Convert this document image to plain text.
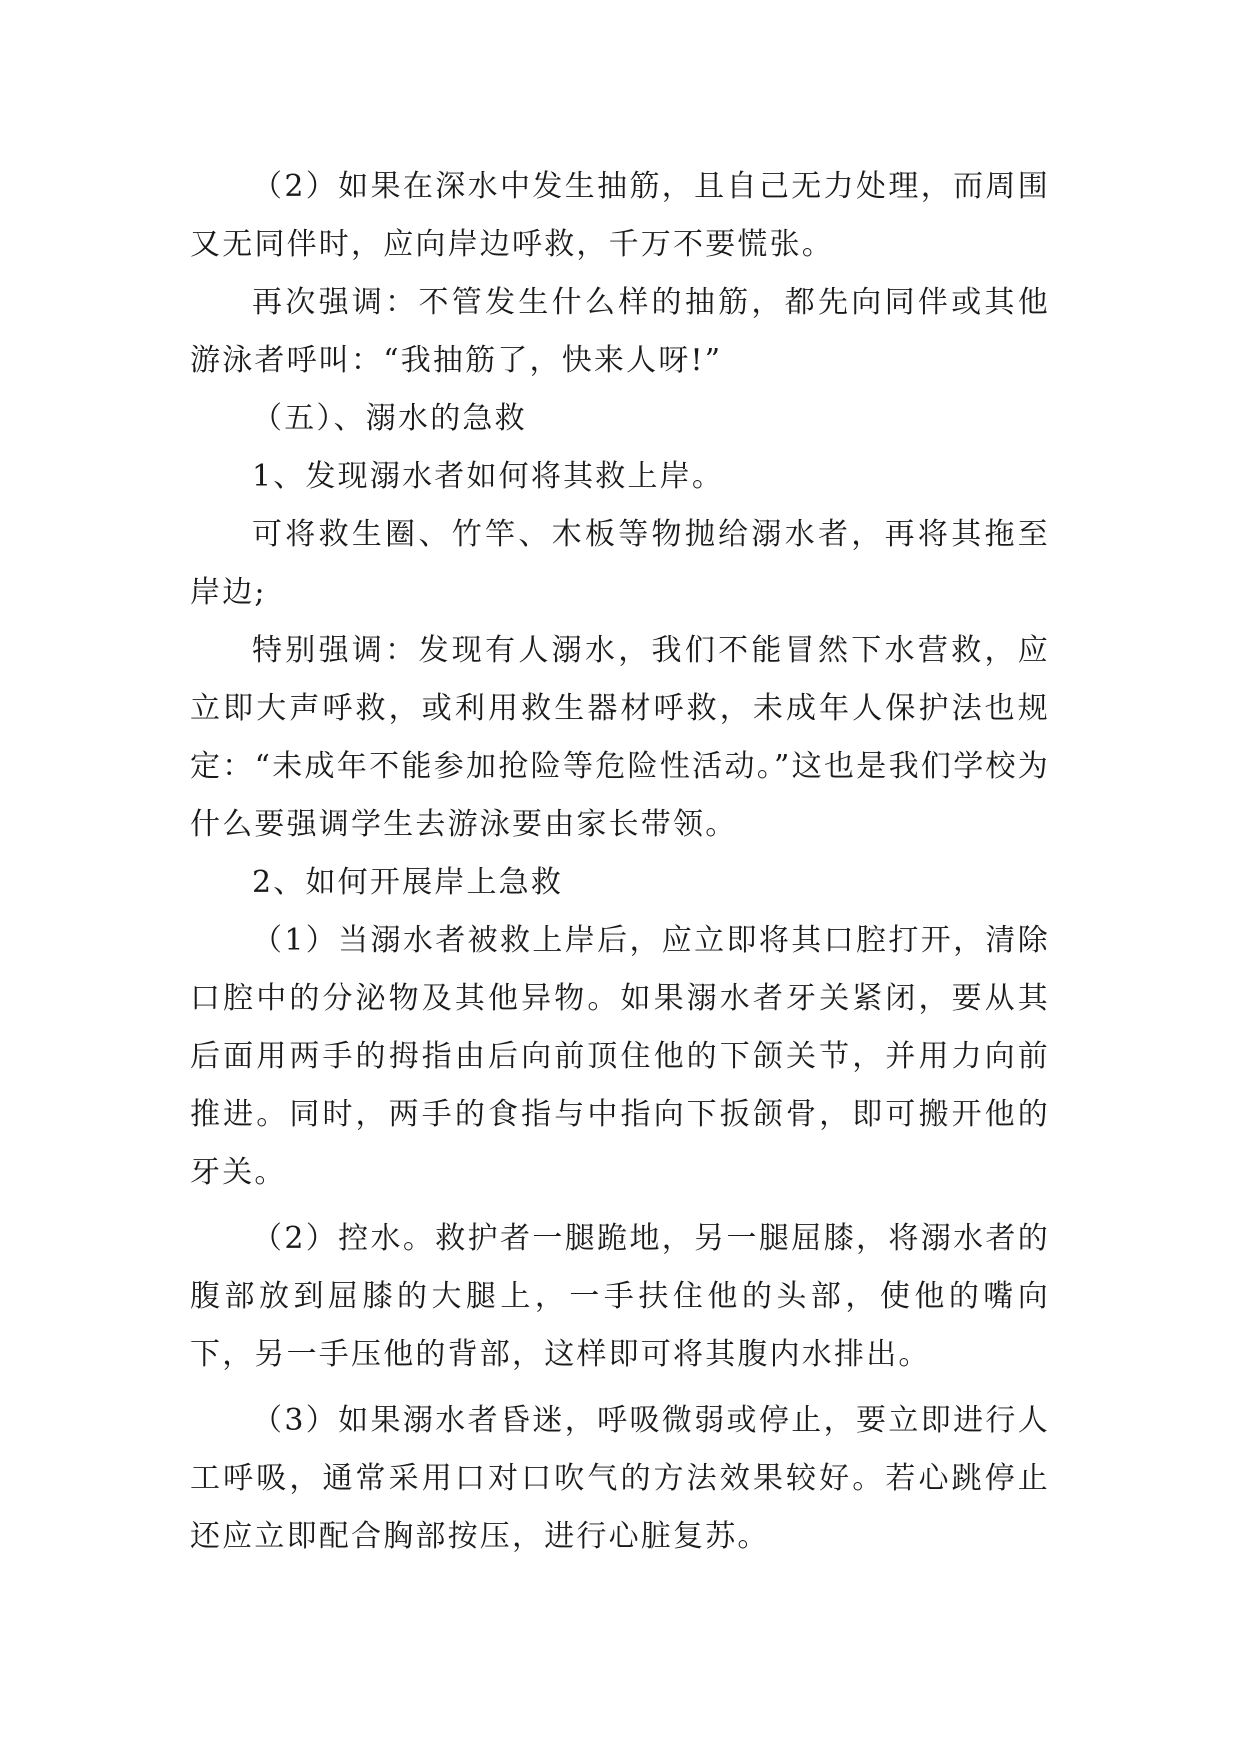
（2）如果在深水中发生抽筋，且自己无力处理，而周围又无同伴时，应向岸边呼救，千万不要慌张。

再次强调：不管发生什么样的抽筋，都先向同伴或其他游泳者呼叫：“我抽筋了，快来人呀!”

（五）、溺水的急救

1、发现溺水者如何将其救上岸。

可将救生圈、竹竿、木板等物抛给溺水者，再将其拖至岸边;

特别强调：发现有人溺水，我们不能冒然下水营救，应立即大声呼救，或利用救生器材呼救，未成年人保护法也规定：“未成年不能参加抢险等危险性活动。”这也是我们学校为什么要强调学生去游泳要由家长带领。

2、如何开展岸上急救

（1）当溺水者被救上岸后，应立即将其口腔打开，清除口腔中的分泌物及其他异物。如果溺水者牙关紧闭，要从其后面用两手的拇指由后向前顶住他的下颌关节，并用力向前推进。同时，两手的食指与中指向下扳颌骨，即可搬开他的牙关。

（2）控水。救护者一腿跪地，另一腿屈膝，将溺水者的腹部放到屈膝的大腿上，一手扶住他的头部，使他的嘴向下，另一手压他的背部，这样即可将其腹内水排出。

（3）如果溺水者昏迷，呼吸微弱或停止，要立即进行人工呼吸，通常采用口对口吹气的方法效果较好。若心跳停止还应立即配合胸部按压，进行心脏复苏。
